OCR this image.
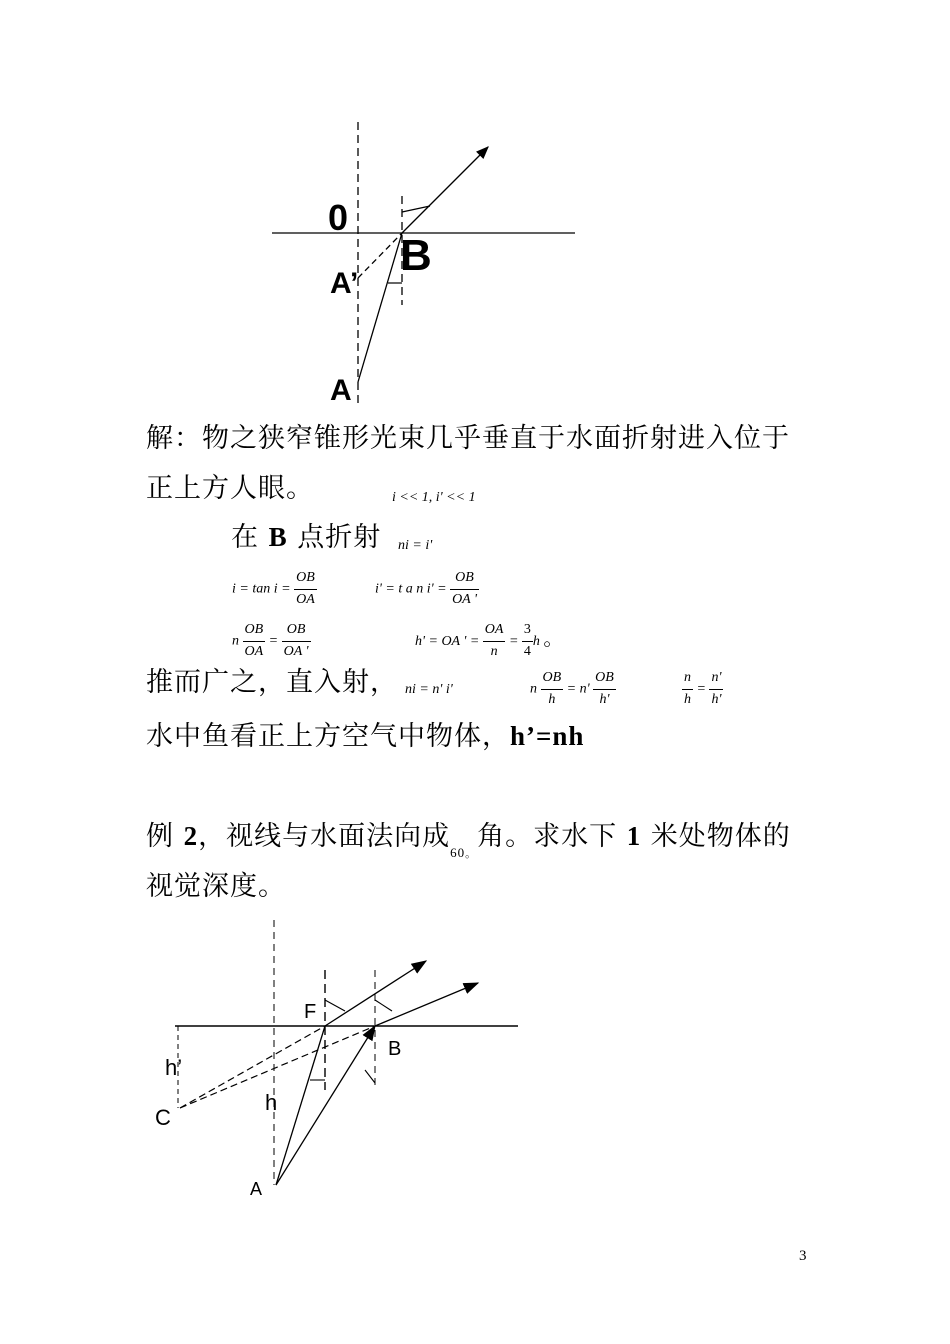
0
B
A’
A
解：物之狭窄锥形光束几乎垂直于水面折射进入位于
正上方人眼。	i << 1, i' << 1
在 B 点折射 ni = i'
$i = \tan i = \frac{OB}{OA}$	i' = t a n $i' = \frac{OB}{OA '}$
n $\frac{OB}{OA} = \frac{OB}{OA '}$	h' = OA ' = $\frac{OA}{n} = \frac{3}{4}$ h 。
推而广之，直入射， ni = n' i'	n $\frac{OB}{h} = n' \frac{OB}{h'}$	$\frac{n}{h} = \frac{n'}{h'}$
水中鱼看正上方空气中物体，h’=nh
例 2，视线与水面法向成$_{60。}$角。求水下 1 米处物体的
视觉深度。
F
B
h’
C
h
A
3
